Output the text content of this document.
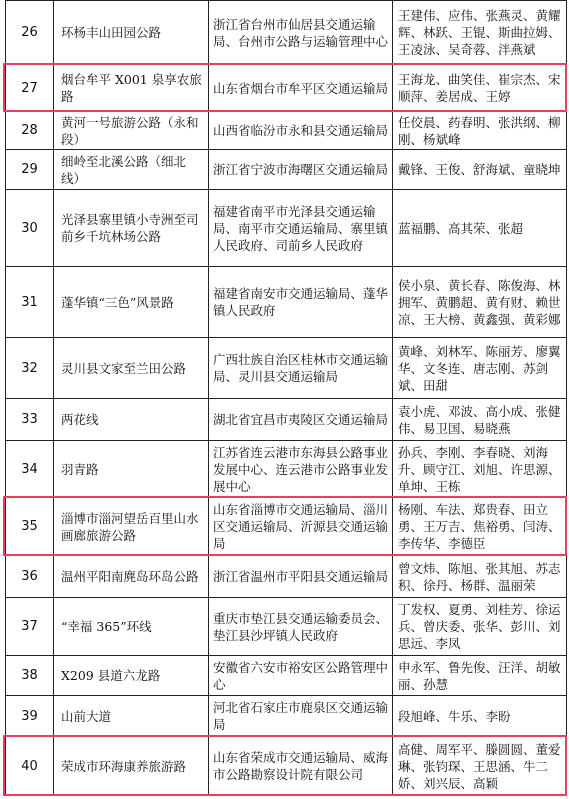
26	环杨丰山田园公路	浙江省台州市仙居县交通运输局、台州市公路与运输管理中心	王建伟、应伟、张燕灵、黄耀辉、林跃、王锟、斯曲拉姆、王凌泳、吴奇蓉、泮燕斌
27	烟台牟平 X001 泉享农旅路	山东省烟台市牟平区交通运输局	王海龙、曲笑佳、崔宗杰、宋顺萍、姜居成、王婷
28	黄河一号旅游公路（永和段）	山西省临汾市永和县交通运输局	任佼晨、药春明、张洪纲、柳刚、杨斌峰
29	细岭至北溪公路（细北线）	浙江省宁波市海曙区交通运输局	戴锋、王俊、舒海斌、童晓坤
30	光泽县寨里镇小寺洲至司前乡千坑林场公路	福建省南平市光泽县交通运输局、南平市交通运输局、寨里镇人民政府、司前乡人民政府	蓝福鹏、高其荣、张超
31	蓬华镇“三色”风景路	福建省南安市交通运输局、蓬华镇人民政府	侯小泉、黄长春、陈俊海、林拥军、黄鹏超、黄有财、赖世凉、王大榜、黄鑫强、黄彩娜
32	灵川县文家至兰田公路	广西壮族自治区桂林市交通运输局、灵川县交通运输局	黄峰、刘林军、陈丽芳、廖翼华、文冬连、唐志刚、苏剑斌、田甜
33	两花线	湖北省宜昌市夷陵区交通运输局	袁小虎、邓波、高小成、张健伟、易卫国、易晓燕
34	羽青路	江苏省连云港市东海县公路事业发展中心、连云港市公路事业发展中心	孙兵、李刚、李春晓、刘海升、顾守江、刘旭、许思源、单坤、王栋
35	淄博市淄河望岳百里山水画廊旅游公路	山东省淄博市交通运输局、淄川区交通运输局、沂源县交通运输局	杨刚、车法、郑贵春、田立勇、王万吉、焦裕勇、闫涛、李传华、李德臣
36	温州平阳南麂岛环岛公路	浙江省温州市平阳县交通运输局	曾文炜、陈旭、张其旭、苏志积、徐丹、杨群、温丽荣
37	“幸福 365”环线	重庆市垫江县交通运输委员会、垫江县沙坪镇人民政府	丁发权、夏勇、刘桂芳、徐运兵、曾庆委、张华、彭川、刘思远、李凤
38	X209 县道六龙路	安徽省六安市裕安区公路管理中心	申永军、鲁先俊、汪洋、胡敏丽、孙慧
39	山前大道	河北省石家庄市鹿泉区交通运输局	段旭峰、牛乐、李盼
40	荣成市环海康养旅游路	山东省荣成市交通运输局、威海市公路勘察设计院有限公司	高健、周军平、滕圆圆、董爱琳、张钧琛、王思涵、牛二娇、刘兴辰、高颖
